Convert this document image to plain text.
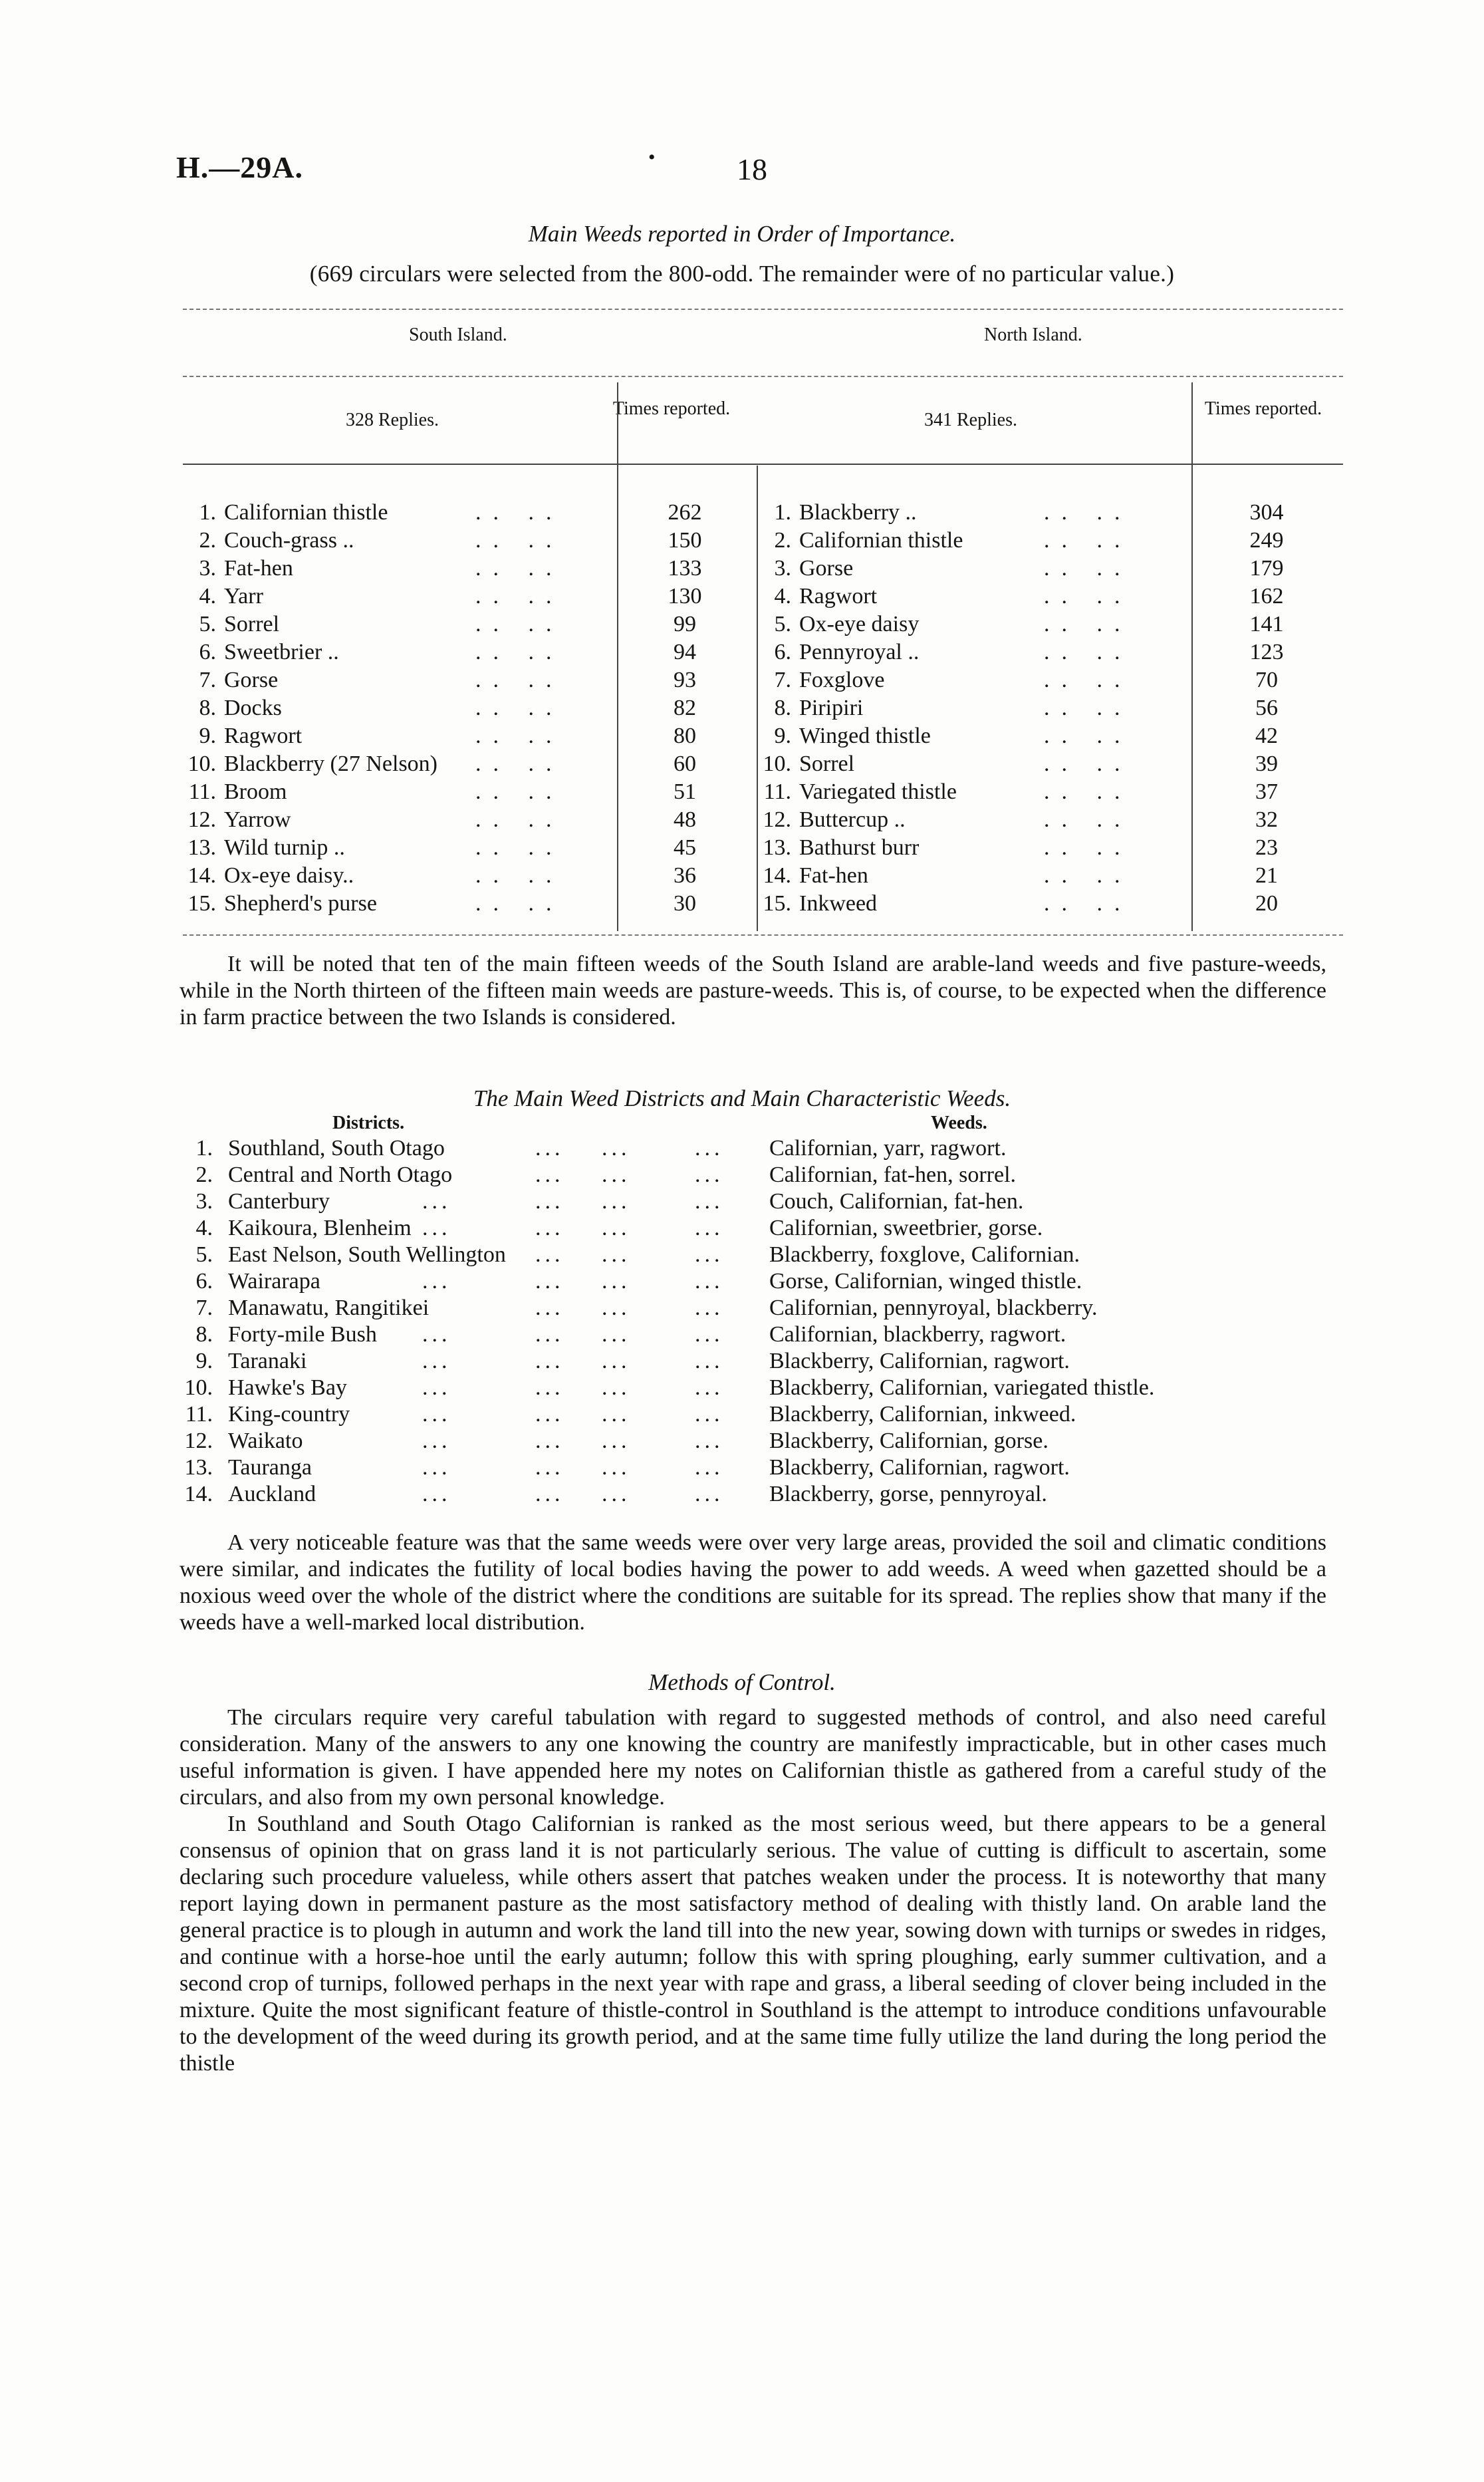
H.—29A.	•	18
Main Weeds reported in Order of Importance.
(669 circulars were selected from the 800-odd. The remainder were of no particular value.)
South Island.	North Island.
328 Replies.
Times reported.
341 Replies.
Times reported.
1. Californian thistle	.. ..	262
2. Couch-grass ..	.. ..	150
3. Fat-hen	.. ..	133
4. Yarr	.. ..	130
5. Sorrel	.. ..	99
6. Sweetbrier ..	.. ..	94
7. Gorse	.. ..	93
8. Docks	.. ..	82
9. Ragwort	.. ..	80
10. Blackberry (27 Nelson) .. ..	60
11. Broom	.. ..	51
12. Yarrow	.. ..	48
13. Wild turnip ..	.. ..	45
14. Ox-eye daisy..	.. ..	36
15. Shepherd's purse	.. ..	30
1. Blackberry ..	.. ..	304
2. Californian thistle	.. ..	249
3. Gorse	.. ..	179
4. Ragwort	.. ..	162
5. Ox-eye daisy	.. ..	141
6. Pennyroyal ..	.. ..	123
7. Foxglove	.. ..	70
8. Piripiri	.. ..	56
9. Winged thistle	.. ..	42
10. Sorrel	.. ..	39
11. Variegated thistle	.. ..	37
12. Buttercup ..	.. ..	32
13. Bathurst burr	.. ..	23
14. Fat-hen	.. ..	21
15. Inkweed	.. ..	20

It will be noted that ten of the main fifteen weeds of the South Island are arable-land weeds and five pasture-weeds, while in the North thirteen of the fifteen main weeds are pasture-weeds. This is, of course, to be expected when the difference in farm practice between the two Islands is considered.

The Main Weed Districts and Main Characteristic Weeds.
Districts.	Weeds.
1. Southland, South Otago	... ...	... Californian, yarr, ragwort.
2. Central and North Otago	... ...	... Californian, fat-hen, sorrel.
3. Canterbury	...	... ...	... Couch, Californian, fat-hen.
4. Kaikoura, Blenheim ...	... ...	... Californian, sweetbrier, gorse.
5. East Nelson, South Wellington ... ...	... Blackberry, foxglove, Californian.
6. Wairarapa	...	... ...	... Gorse, Californian, winged thistle.
7. Manawatu, Rangitikei	... ...	... Californian, pennyroyal, blackberry.
8. Forty-mile Bush ...	... ...	... Californian, blackberry, ragwort.
9. Taranaki	...	... ...	... Blackberry, Californian, ragwort.
10. Hawke's Bay	...	... ...	... Blackberry, Californian, variegated thistle.
11. King-country	...	... ...	... Blackberry, Californian, inkweed.
12. Waikato	...	... ...	... Blackberry, Californian, gorse.
13. Tauranga	...	... ...	... Blackberry, Californian, ragwort.
14. Auckland	...	... ...	... Blackberry, gorse, pennyroyal.

A very noticeable feature was that the same weeds were over very large areas, provided the soil and climatic conditions were similar, and indicates the futility of local bodies having the power to add weeds. A weed when gazetted should be a noxious weed over the whole of the district where the conditions are suitable for its spread. The replies show that many if the weeds have a well-marked local distribution.

Methods of Control.

The circulars require very careful tabulation with regard to suggested methods of control, and also need careful consideration. Many of the answers to any one knowing the country are manifestly impracticable, but in other cases much useful information is given. I have appended here my notes on Californian thistle as gathered from a careful study of the circulars, and also from my own personal knowledge.

In Southland and South Otago Californian is ranked as the most serious weed, but there appears to be a general consensus of opinion that on grass land it is not particularly serious. The value of cutting is difficult to ascertain, some declaring such procedure valueless, while others assert that patches weaken under the process. It is noteworthy that many report laying down in permanent pasture as the most satisfactory method of dealing with thistly land. On arable land the general practice is to plough in autumn and work the land till into the new year, sowing down with turnips or swedes in ridges, and continue with a horse-hoe until the early autumn; follow this with spring ploughing, early summer cultivation, and a second crop of turnips, followed perhaps in the next year with rape and grass, a liberal seeding of clover being included in the mixture. Quite the most significant feature of thistle-control in Southland is the attempt to introduce conditions unfavourable to the development of the weed during its growth period, and at the same time fully utilize the land during the long period the thistle
